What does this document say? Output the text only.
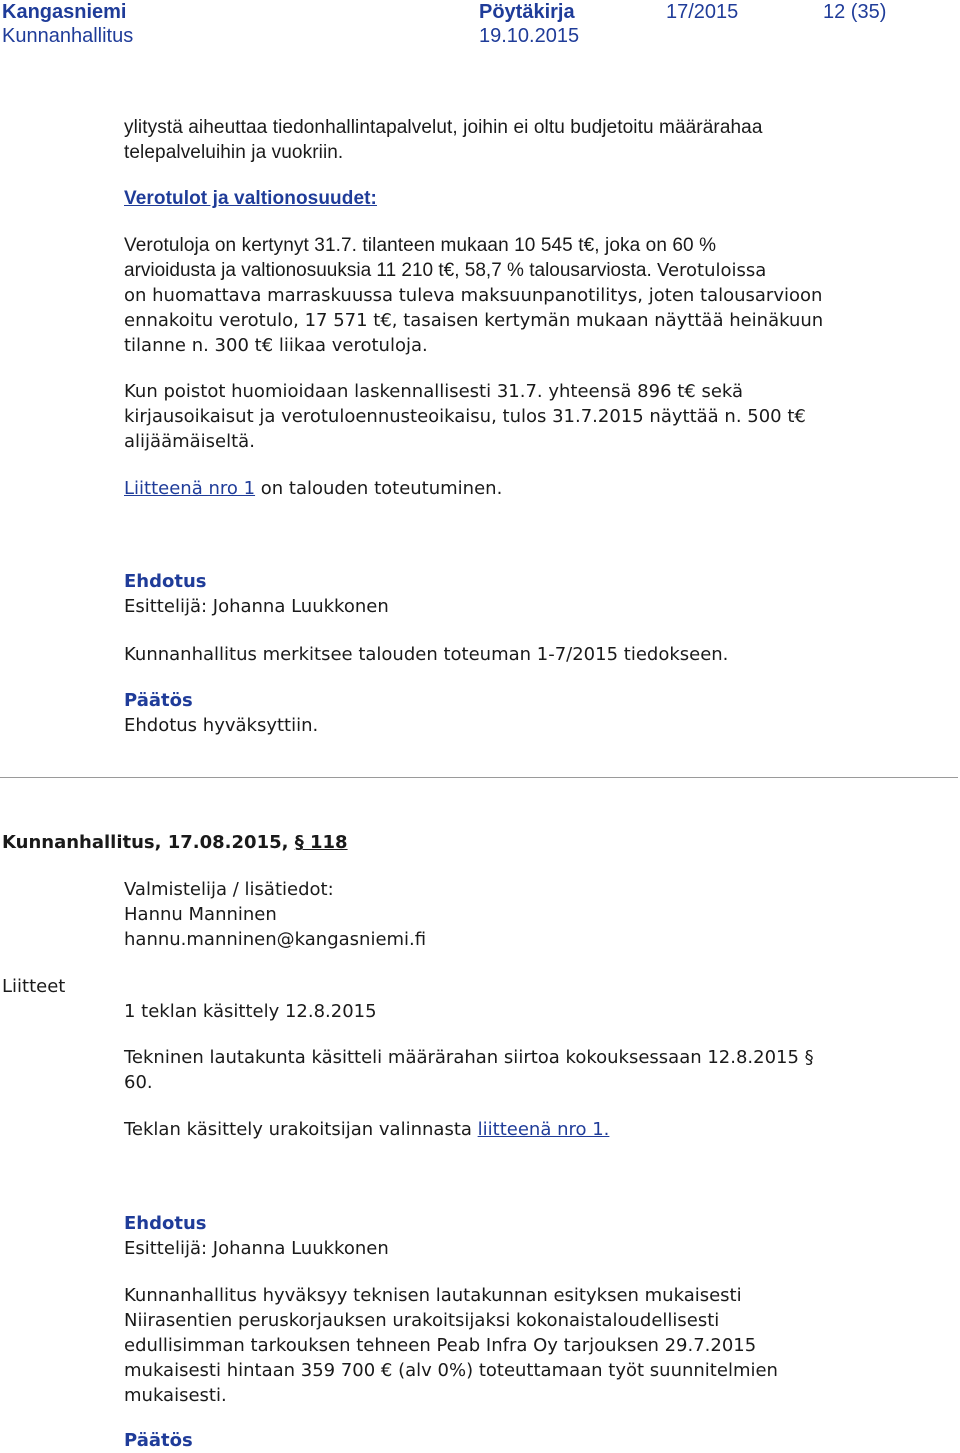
Kangasniemi
Kunnanhallitus
Pöytäkirja
19.10.2015
17/2015	12 (35)

ylitystä aiheuttaa tiedonhallintapalvelut, joihin ei oltu budjetoitu määrärahaa

telepalveluihin ja vuokriin.

Verotulot ja valtionosuudet:

Verotuloja on kertynyt 31.7. tilanteen mukaan 10 545 t€, joka on 60 %

arvioidusta ja valtionosuuksia 11 210 t€, 58,7 % talousarviosta. Verotuloissa

on huomattava marraskuussa tuleva maksuunpanotilitys, joten talousarvioon

ennakoitu verotulo, 17 571 t€, tasaisen kertymän mukaan näyttää heinäkuun

tilanne n. 300 t€ liikaa verotuloja.

Kun poistot huomioidaan laskennallisesti 31.7. yhteensä 896 t€ sekä

kirjausoikaisut ja verotuloennusteoikaisu, tulos 31.7.2015 näyttää n. 500 t€

alijäämäiseltä.

Liitteenä nro 1 on talouden toteutuminen.

Ehdotus

Esittelijä: Johanna Luukkonen

Kunnanhallitus merkitsee talouden toteuman 1-7/2015 tiedokseen.

Päätös

Ehdotus hyväksyttiin.

Kunnanhallitus, 17.08.2015, § 118

Valmistelija / lisätiedot:

Hannu Manninen

hannu.manninen@kangasniemi.fi

Liitteet

1 teklan käsittely 12.8.2015

Tekninen lautakunta käsitteli määrärahan siirtoa kokouksessaan 12.8.2015 §

60.

Teklan käsittely urakoitsijan valinnasta liitteenä nro 1.

Ehdotus

Esittelijä: Johanna Luukkonen

Kunnanhallitus hyväksyy teknisen lautakunnan esityksen mukaisesti

Niirasentien peruskorjauksen urakoitsijaksi kokonaistaloudellisesti

edullisimman tarkouksen tehneen Peab Infra Oy tarjouksen 29.7.2015

mukaisesti hintaan 359 700 € (alv 0%) toteuttamaan työt suunnitelmien

mukaisesti.

Päätös
